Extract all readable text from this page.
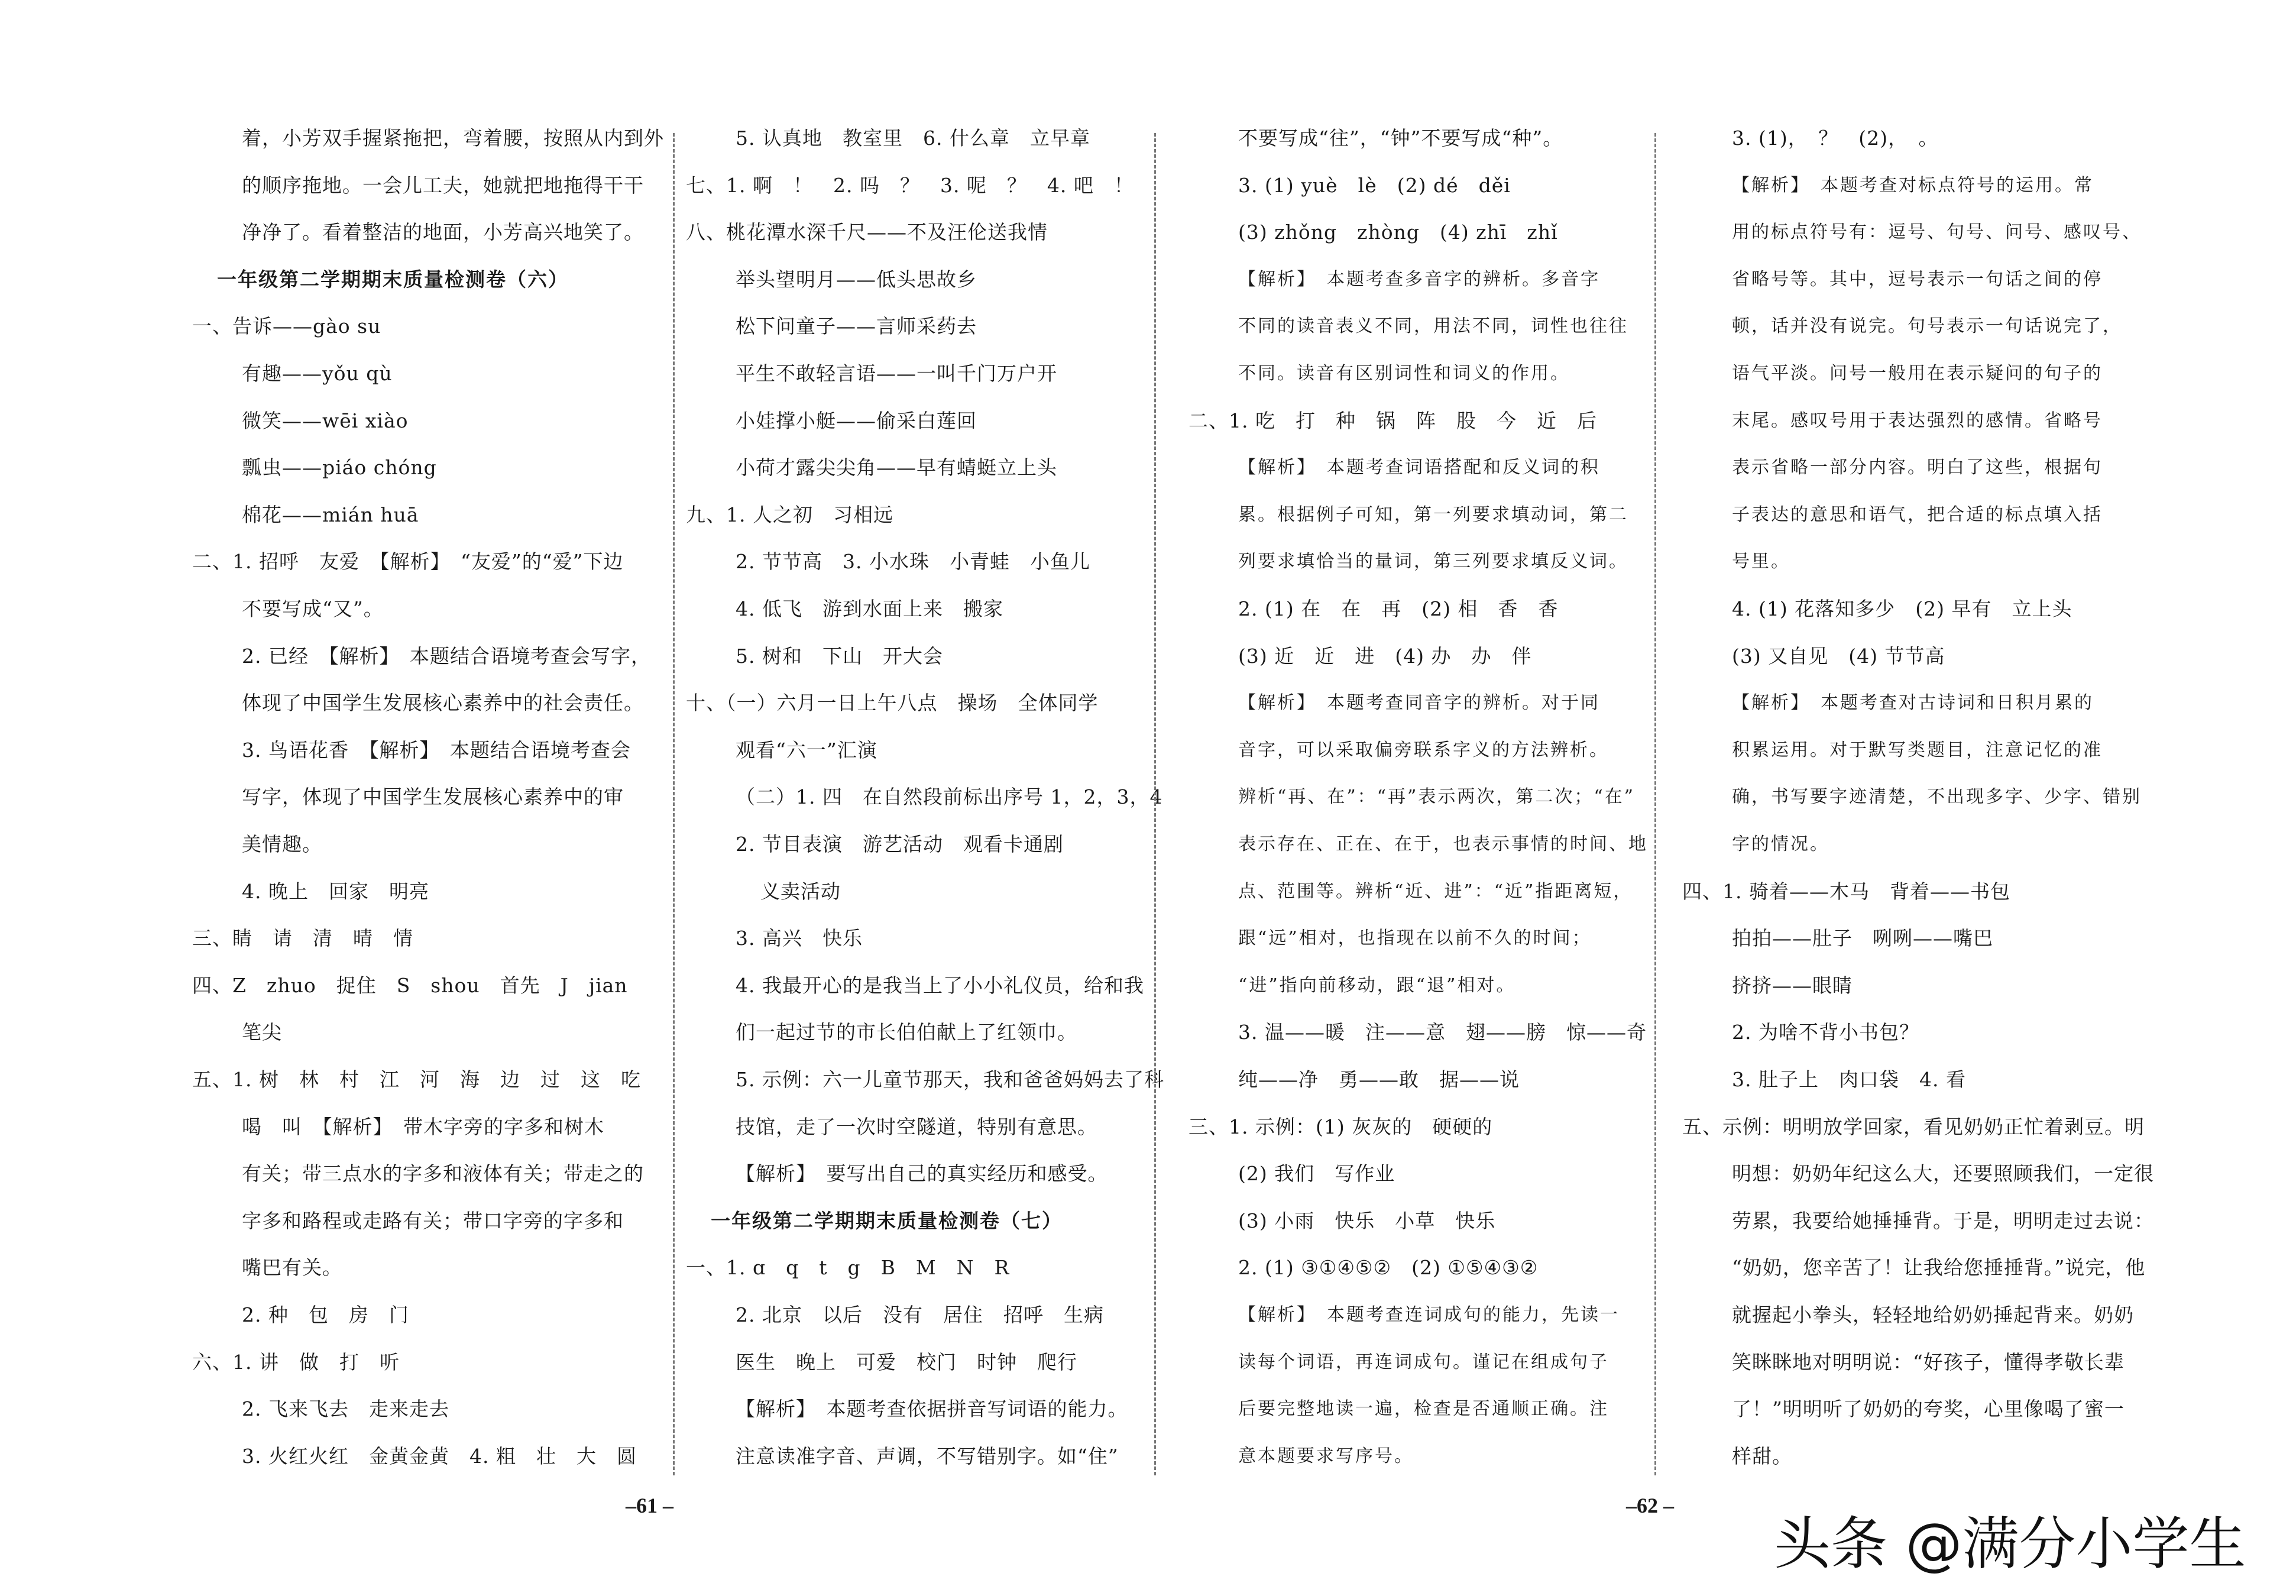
着，小芳双手握紧拖把，弯着腰，按照从内到外
的顺序拖地。一会儿工夫，她就把地拖得干干
净净了。看着整洁的地面，小芳高兴地笑了。
一年级第二学期期末质量检测卷（六）
一、告诉——gào su
有趣——yǒu qù
微笑——wēi xiào
瓢虫——piáo chóng
棉花——mián huā
二、1. 招呼　友爱　【解析】　“友爱”的“爱”下边
不要写成“又”。
2. 已经　【解析】　本题结合语境考查会写字，
体现了中国学生发展核心素养中的社会责任。
3. 鸟语花香　【解析】　本题结合语境考查会
写字，体现了中国学生发展核心素养中的审
美情趣。
4. 晚上　回家　明亮
三、睛　请　清　晴　情
四、Z　zhuo　捉住　S　shou　首先　J　jian
笔尖
五、1. 树　林　村　江　河　海　边　过　这　吃
喝　叫　【解析】　带木字旁的字多和树木
有关；带三点水的字多和液体有关；带走之的
字多和路程或走路有关；带口字旁的字多和
嘴巴有关。
2. 种　包　房　门
六、1. 讲　做　打　听
2. 飞来飞去　走来走去
3. 火红火红　金黄金黄　4. 粗　壮　大　圆
5. 认真地　教室里　6. 什么章　立早章
七、1. 啊　！　2. 吗　？　3. 呢　？　4. 吧　！
八、桃花潭水深千尺——不及汪伦送我情
举头望明月——低头思故乡
松下问童子——言师采药去
平生不敢轻言语——一叫千门万户开
小娃撑小艇——偷采白莲回
小荷才露尖尖角——早有蜻蜓立上头
九、1. 人之初　习相远
2. 节节高　3. 小水珠　小青蛙　小鱼儿
4. 低飞　游到水面上来　搬家
5. 树和　下山　开大会
十、（一）六月一日上午八点　操场　全体同学
观看“六一”汇演
（二）1. 四　在自然段前标出序号 1，2，3，4
2. 节目表演　游艺活动　观看卡通剧
义卖活动
3. 高兴　快乐
4. 我最开心的是我当上了小小礼仪员，给和我
们一起过节的市长伯伯献上了红领巾。
5. 示例：六一儿童节那天，我和爸爸妈妈去了科
技馆，走了一次时空隧道，特别有意思。
【解析】　要写出自己的真实经历和感受。
一年级第二学期期末质量检测卷（七）
一、1. ɑ　q　t　g　B　M　N　R
2. 北京　以后　没有　居住　招呼　生病
医生　晚上　可爱　校门　时钟　爬行
【解析】　本题考查依据拼音写词语的能力。
注意读准字音、声调，不写错别字。如“住”
不要写成“往”，“钟”不要写成“种”。
3. (1) yuè　lè　(2) dé　děi
(3) zhǒng　zhòng　(4) zhī　zhǐ
【解析】　本题考查多音字的辨析。多音字
不同的读音表义不同，用法不同，词性也往往
不同。读音有区别词性和词义的作用。
二、1. 吃　打　种　锅　阵　股　今　近　后
【解析】　本题考查词语搭配和反义词的积
累。根据例子可知，第一列要求填动词，第二
列要求填恰当的量词，第三列要求填反义词。
2. (1) 在　在　再　(2) 相　香　香
(3) 近　近　进　(4) 办　办　伴
【解析】　本题考查同音字的辨析。对于同
音字，可以采取偏旁联系字义的方法辨析。
辨析“再、在”：“再”表示两次，第二次；“在”
表示存在、正在、在于，也表示事情的时间、地
点、范围等。辨析“近、进”：“近”指距离短，
跟“远”相对，也指现在以前不久的时间；
“进”指向前移动，跟“退”相对。
3. 温——暖　注——意　翅——膀　惊——奇
纯——净　勇——敢　据——说
三、1. 示例：(1) 灰灰的　硬硬的
(2) 我们　写作业
(3) 小雨　快乐　小草　快乐
2. (1) ③①④⑤②　(2) ①⑤④③②
【解析】　本题考查连词成句的能力，先读一
读每个词语，再连词成句。谨记在组成句子
后要完整地读一遍，检查是否通顺正确。注
意本题要求写序号。
3. (1)，　？　(2)，　。
【解析】　本题考查对标点符号的运用。常
用的标点符号有：逗号、句号、问号、感叹号、
省略号等。其中，逗号表示一句话之间的停
顿，话并没有说完。句号表示一句话说完了，
语气平淡。问号一般用在表示疑问的句子的
末尾。感叹号用于表达强烈的感情。省略号
表示省略一部分内容。明白了这些，根据句
子表达的意思和语气，把合适的标点填入括
号里。
4. (1) 花落知多少　(2) 早有　立上头
(3) 又自见　(4) 节节高
【解析】　本题考查对古诗词和日积月累的
积累运用。对于默写类题目，注意记忆的准
确，书写要字迹清楚，不出现多字、少字、错别
字的情况。
四、1. 骑着——木马　背着——书包
拍拍——肚子　咧咧——嘴巴
挤挤——眼睛
2. 为啥不背小书包？
3. 肚子上　肉口袋　4. 看
五、示例：明明放学回家，看见奶奶正忙着剥豆。明
明想：奶奶年纪这么大，还要照顾我们，一定很
劳累，我要给她捶捶背。于是，明明走过去说：
“奶奶，您辛苦了！让我给您捶捶背。”说完，他
就握起小拳头，轻轻地给奶奶捶起背来。奶奶
笑眯眯地对明明说：“好孩子，懂得孝敬长辈
了！”明明听了奶奶的夸奖，心里像喝了蜜一
样甜。
–61 –	–62 –
头条 @满分小学生
